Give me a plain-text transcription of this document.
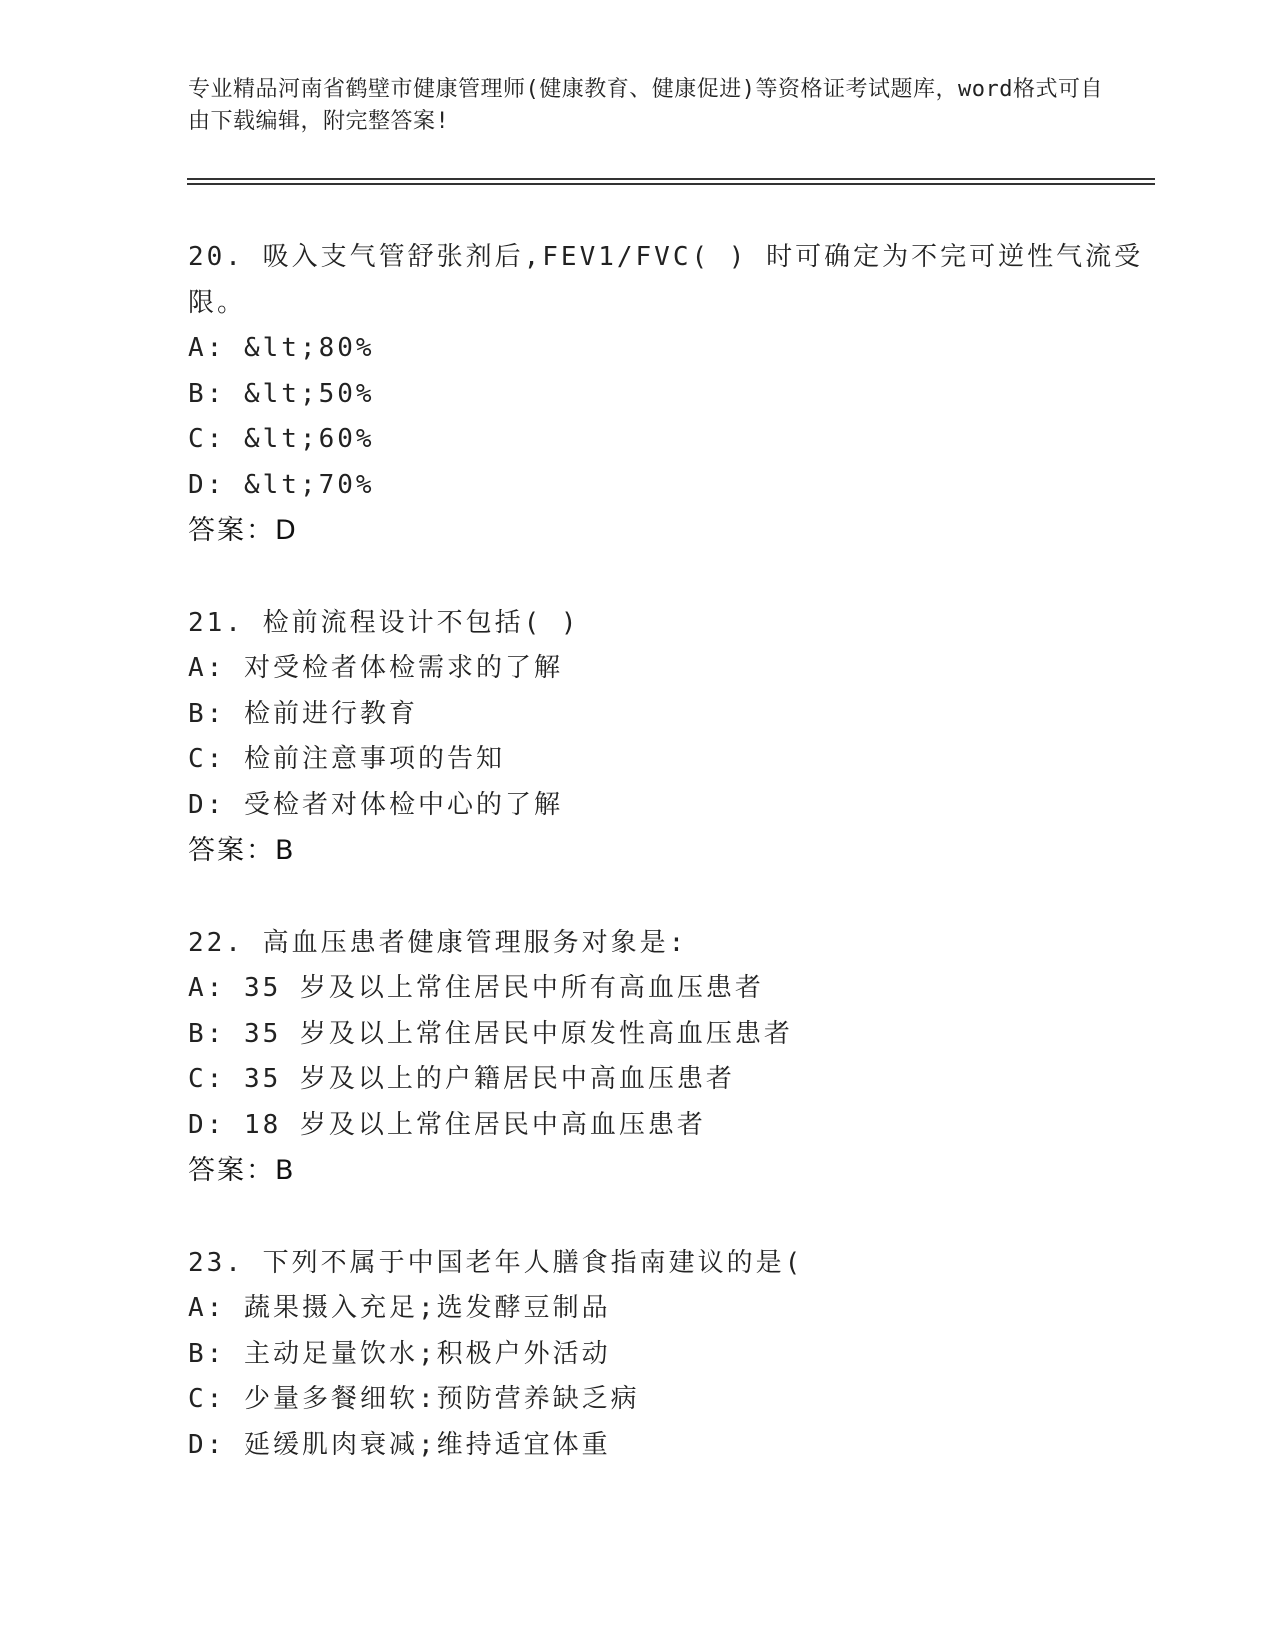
专业精品河南省鹤壁市健康管理师(健康教育、健康促进)等资格证考试题库，word格式可自由下载编辑，附完整答案!
20. 吸入支气管舒张剂后,FEV1/FVC( ) 时可确定为不完可逆性气流受限。
A: &lt;80%
B: &lt;50%
C: &lt;60%
D: &lt;70%
答案：D
21. 检前流程设计不包括( )
A: 对受检者体检需求的了解
B: 检前进行教育
C: 检前注意事项的告知
D: 受检者对体检中心的了解
答案：B
22. 高血压患者健康管理服务对象是:
A: 35 岁及以上常住居民中所有高血压患者
B: 35 岁及以上常住居民中原发性高血压患者
C: 35 岁及以上的户籍居民中高血压患者
D: 18 岁及以上常住居民中高血压患者
答案：B
23. 下列不属于中国老年人膳食指南建议的是(
A: 蔬果摄入充足;选发酵豆制品
B: 主动足量饮水;积极户外活动
C: 少量多餐细软:预防营养缺乏病
D: 延缓肌肉衰减;维持适宜体重
